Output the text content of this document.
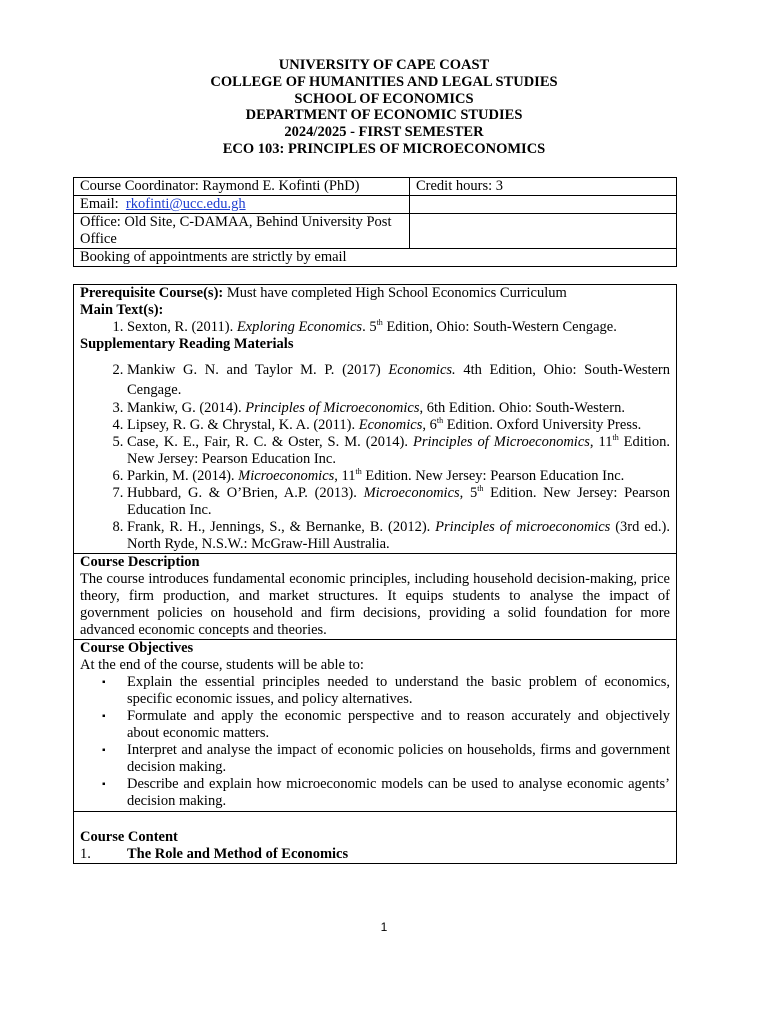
UNIVERSITY OF CAPE COAST
COLLEGE OF HUMANITIES AND LEGAL STUDIES
SCHOOL OF ECONOMICS
DEPARTMENT OF ECONOMIC STUDIES
2024/2025 - FIRST SEMESTER
ECO 103: PRINCIPLES OF MICROECONOMICS
Course Coordinator: Raymond E. Kofinti (PhD)	Credit hours: 3
Email: rkofinti@ucc.edu.gh	
Office: Old Site, C-DAMAA, Behind University Post Office	
Booking of appointments are strictly by email	
Prerequisite Course(s): Must have completed High School Economics Curriculum
Main Text(s):
1. Sexton, R. (2011). Exploring Economics. 5th Edition, Ohio: South-Western Cengage.
Supplementary Reading Materials
2. Mankiw G. N. and Taylor M. P. (2017) Economics. 4th Edition, Ohio: South-Western Cengage.
3. Mankiw, G. (2014). Principles of Microeconomics, 6th Edition. Ohio: South-Western.
4. Lipsey, R. G. & Chrystal, K. A. (2011). Economics, 6th Edition. Oxford University Press.
5. Case, K. E., Fair, R. C. & Oster, S. M. (2014). Principles of Microeconomics, 11th Edition. New Jersey: Pearson Education Inc.
6. Parkin, M. (2014). Microeconomics, 11th Edition. New Jersey: Pearson Education Inc.
7. Hubbard, G. & O’Brien, A.P. (2013). Microeconomics, 5th Edition. New Jersey: Pearson Education Inc.
8. Frank, R. H., Jennings, S., & Bernanke, B. (2012). Principles of microeconomics (3rd ed.). North Ryde, N.S.W.: McGraw-Hill Australia.
Course Description
The course introduces fundamental economic principles, including household decision-making, price theory, firm production, and market structures. It equips students to analyse the impact of government policies on household and firm decisions, providing a solid foundation for more advanced economic concepts and theories.
Course Objectives
At the end of the course, students will be able to:
▪ Explain the essential principles needed to understand the basic problem of economics, specific economic issues, and policy alternatives.
▪ Formulate and apply the economic perspective and to reason accurately and objectively about economic matters.
▪ Interpret and analyse the impact of economic policies on households, firms and government decision making.
▪ Describe and explain how microeconomic models can be used to analyse economic agents’ decision making.
Course Content
1.	The Role and Method of Economics
1
